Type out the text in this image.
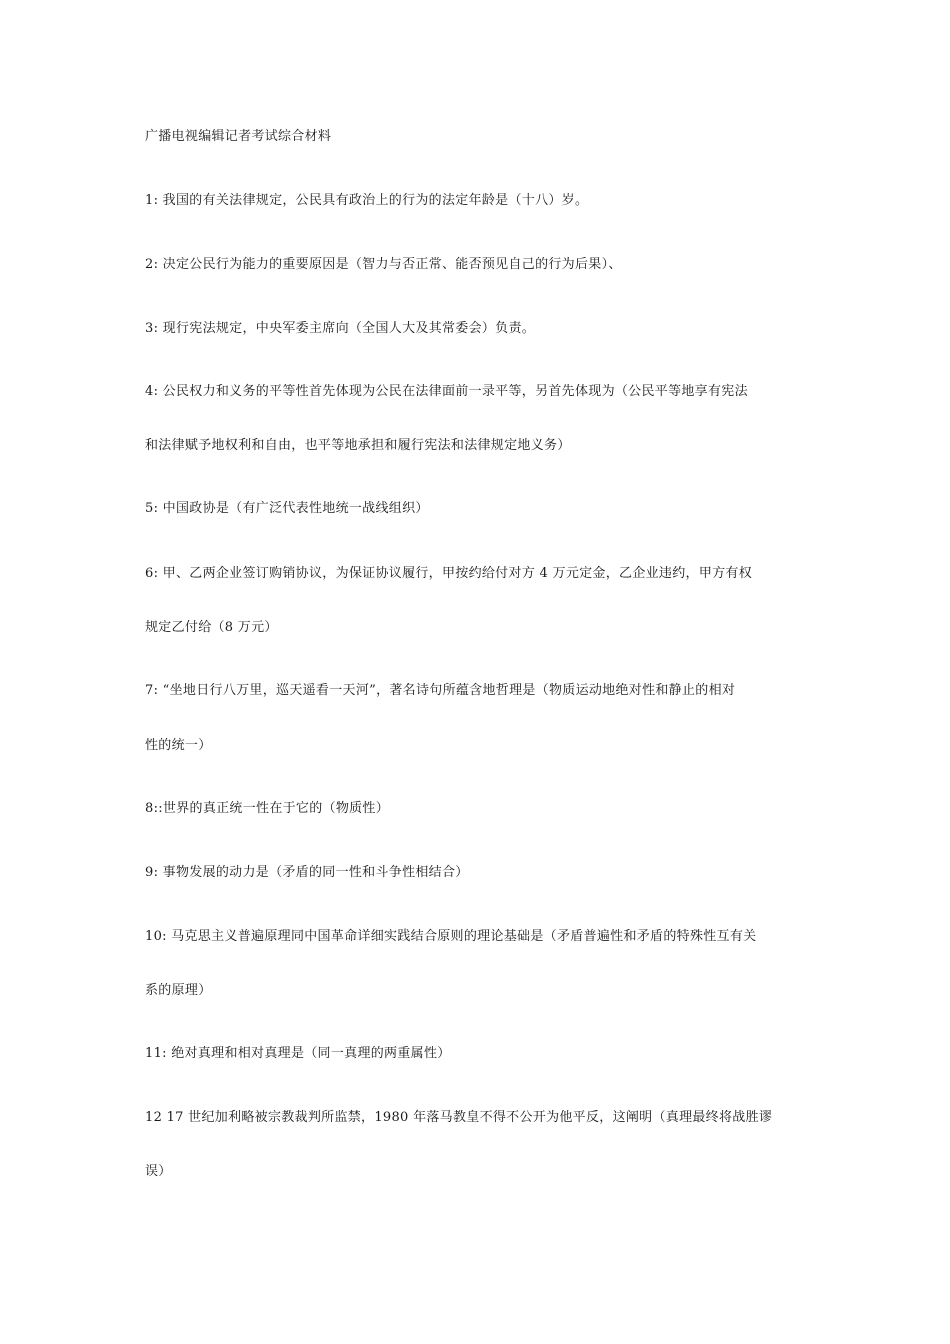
广播电视编辑记者考试综合材料
1: 我国的有关法律规定，公民具有政治上的行为的法定年龄是（十八）岁。
2: 决定公民行为能力的重要原因是（智力与否正常、能否预见自己的行为后果）、
3: 现行宪法规定，中央军委主席向（全国人大及其常委会）负责。
4: 公民权力和义务的平等性首先体现为公民在法律面前一录平等，另首先体现为（公民平等地享有宪法
和法律赋予地权利和自由，也平等地承担和履行宪法和法律规定地义务）
5: 中国政协是（有广泛代表性地统一战线组织）
6: 甲、乙两企业签订购销协议，为保证协议履行，甲按约给付对方 4 万元定金，乙企业违约，甲方有权
规定乙付给（8 万元）
7: “坐地日行八万里，巡天遥看一天河”，著名诗句所蕴含地哲理是（物质运动地绝对性和静止的相对
性的统一）
8::世界的真正统一性在于它的（物质性）
9: 事物发展的动力是（矛盾的同一性和斗争性相结合）
10: 马克思主义普遍原理同中国革命详细实践结合原则的理论基础是（矛盾普遍性和矛盾的特殊性互有关
系的原理）
11: 绝对真理和相对真理是（同一真理的两重属性）
12 17 世纪加利略被宗教裁判所监禁，1980 年落马教皇不得不公开为他平反，这阐明（真理最终将战胜谬
误）
